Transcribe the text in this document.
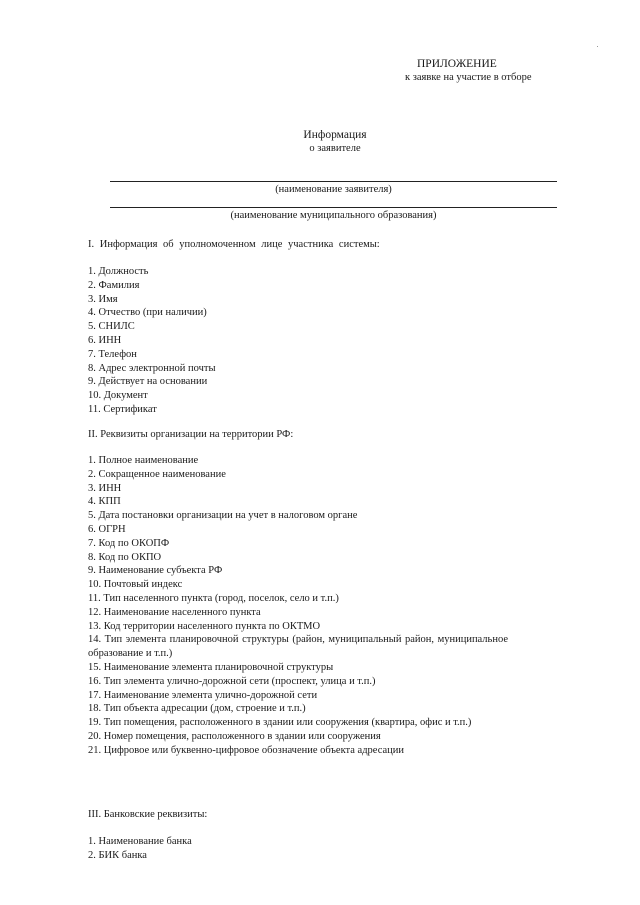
ПРИЛОЖЕНИЕ
к заявке на участие в отборе
Информация
о заявителе
(наименование заявителя)
(наименование муниципального образования)
I. Информация об уполномоченном лице участника системы:
1. Должность
2. Фамилия
3. Имя
4. Отчество (при наличии)
5. СНИЛС
6. ИНН
7. Телефон
8. Адрес электронной почты
9. Действует на основании
10. Документ
11. Сертификат
II. Реквизиты организации на территории РФ:
1. Полное наименование
2. Сокращенное наименование
3. ИНН
4. КПП
5. Дата постановки организации на учет в налоговом органе
6. ОГРН
7. Код по ОКОПФ
8. Код по ОКПО
9. Наименование субъекта РФ
10. Почтовый индекс
11. Тип населенного пункта (город, поселок, село и т.п.)
12. Наименование населенного пункта
13. Код территории населенного пункта по ОКТМО
14. Тип элемента планировочной структуры (район, муниципальный район, муниципальное образование и т.п.)
15. Наименование элемента планировочной структуры
16. Тип элемента улично-дорожной сети (проспект, улица и т.п.)
17. Наименование элемента улично-дорожной сети
18. Тип объекта адресации (дом, строение и т.п.)
19. Тип помещения, расположенного в здании или сооружения (квартира, офис и т.п.)
20. Номер помещения, расположенного в здании или сооружения
21. Цифровое или буквенно-цифровое обозначение объекта адресации
III. Банковские реквизиты:
1. Наименование банка
2. БИК банка
